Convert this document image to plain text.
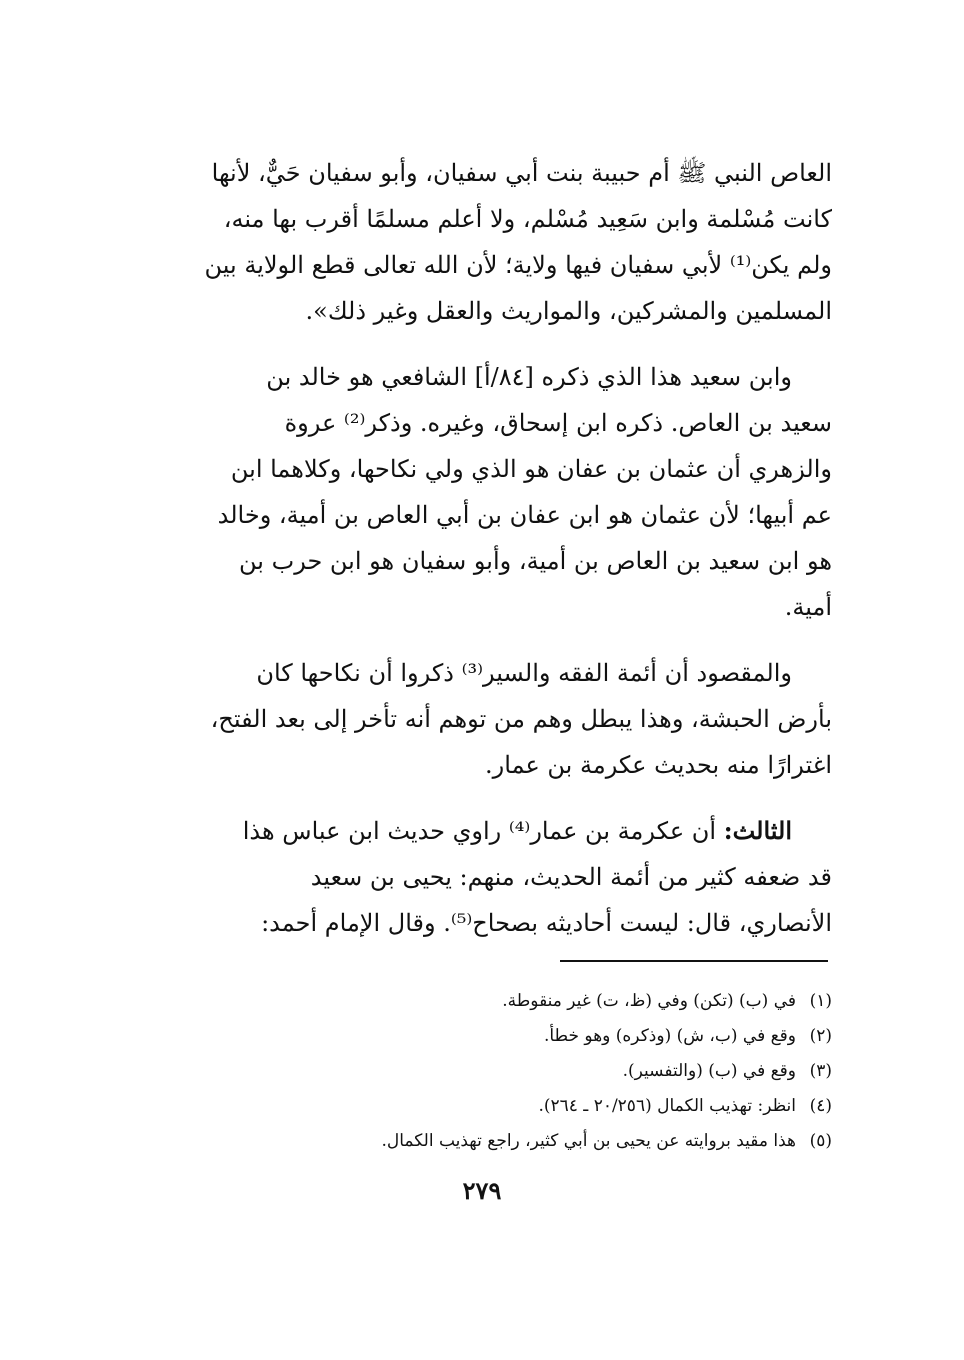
العاص النبي ﷺ أم حبيبة بنت أبي سفيان، وأبو سفيان حَيٌّ، لأنها
كانت مُسْلمة وابن سَعِيد مُسْلم، ولا أعلم مسلمًا أقرب بها منه،
ولم يكن⁽¹⁾ لأبي سفيان فيها ولاية؛ لأن الله تعالى قطع الولاية بين
المسلمين والمشركين، والمواريث والعقل وغير ذلك».
وابن سعيد هذا الذي ذكره [٨٤/أ] الشافعي هو خالد بن
سعيد بن العاص. ذكره ابن إسحاق، وغيره. وذكر⁽²⁾ عروة
والزهري أن عثمان بن عفان هو الذي ولي نكاحها، وكلاهما ابن
عم أبيها؛ لأن عثمان هو ابن عفان بن أبي العاص بن أمية، وخالد
هو ابن سعيد بن العاص بن أمية، وأبو سفيان هو ابن حرب بن
أمية.
والمقصود أن أئمة الفقه والسير⁽³⁾ ذكروا أن نكاحها كان
بأرض الحبشة، وهذا يبطل وهم من توهم أنه تأخر إلى بعد الفتح،
اغترارًا منه بحديث عكرمة بن عمار.
الثالث: أن عكرمة بن عمار⁽⁴⁾ راوي حديث ابن عباس هذا
قد ضعفه كثير من أئمة الحديث، منهم: يحيى بن سعيد
الأنصاري، قال: ليست أحاديثه بصحاح⁽⁵⁾. وقال الإمام أحمد:
(١)في (ب) (تكن) وفي (ظ، ت) غير منقوطة.
(٢)وقع في (ب، ش) (وذكره) وهو خطأ.
(٣)وقع في (ب) (والتفسير).
(٤)انظر: تهذيب الكمال (٢٠/٢٥٦ ـ ٢٦٤).
(٥)هذا مقيد بروايته عن يحيى بن أبي كثير، راجع تهذيب الكمال.
٢٧٩
